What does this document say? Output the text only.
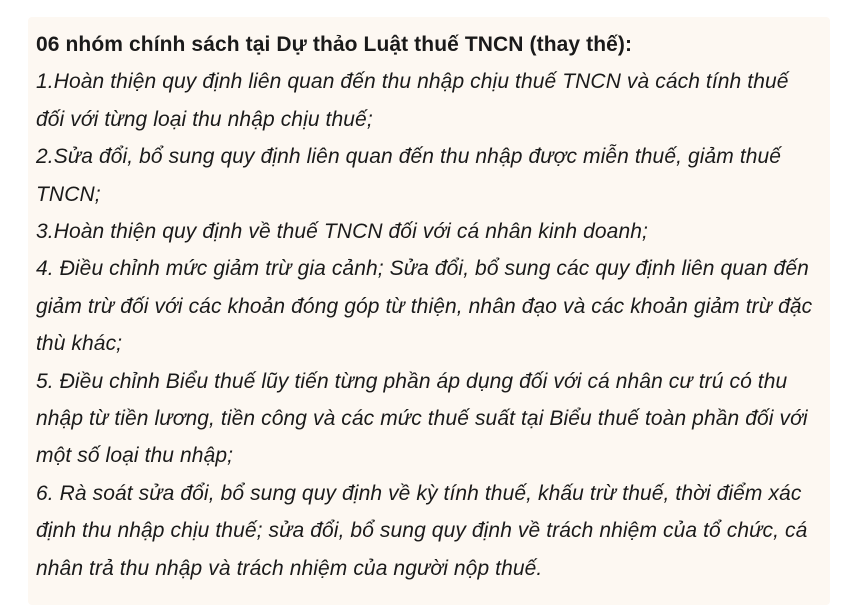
06 nhóm chính sách tại Dự thảo Luật thuế TNCN (thay thế):

1.Hoàn thiện quy định liên quan đến thu nhập chịu thuế TNCN và cách tính thuế đối với từng loại thu nhập chịu thuế;

2.Sửa đổi, bổ sung quy định liên quan đến thu nhập được miễn thuế, giảm thuế TNCN;

3.Hoàn thiện quy định về thuế TNCN đối với cá nhân kinh doanh;

4. Điều chỉnh mức giảm trừ gia cảnh; Sửa đổi, bổ sung các quy định liên quan đến giảm trừ đối với các khoản đóng góp từ thiện, nhân đạo và các khoản giảm trừ đặc thù khác;

5. Điều chỉnh Biểu thuế lũy tiến từng phần áp dụng đối với cá nhân cư trú có thu nhập từ tiền lương, tiền công và các mức thuế suất tại Biểu thuế toàn phần đối với một số loại thu nhập;

6. Rà soát sửa đổi, bổ sung quy định về kỳ tính thuế, khấu trừ thuế, thời điểm xác định thu nhập chịu thuế; sửa đổi, bổ sung quy định về trách nhiệm của tổ chức, cá nhân trả thu nhập và trách nhiệm của người nộp thuế.
